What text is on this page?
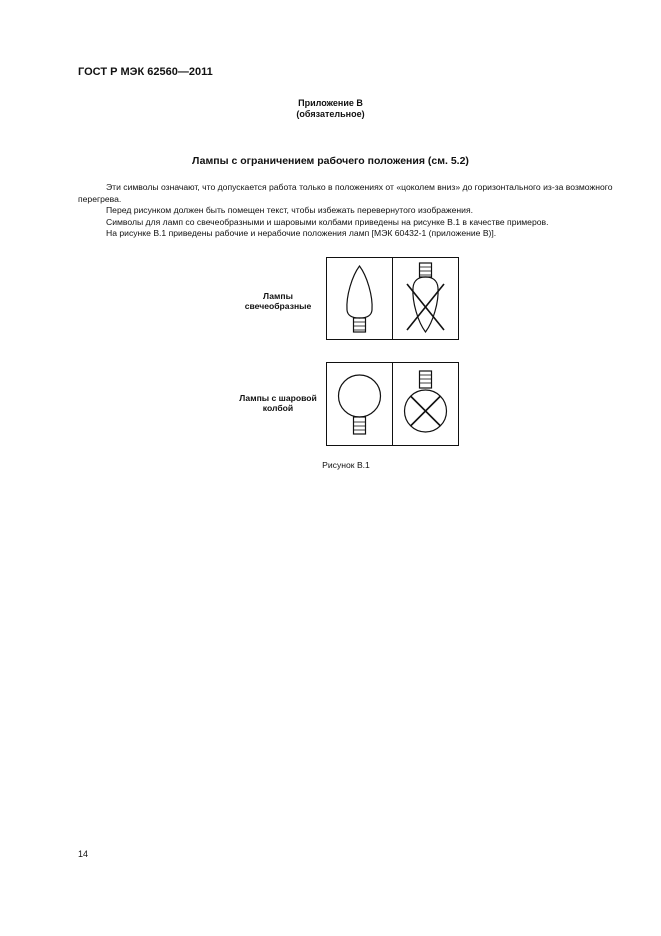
ГОСТ Р МЭК 62560—2011
Приложение В
(обязательное)
Лампы с ограничением рабочего положения (см. 5.2)

Эти символы означают, что допускается работа только в положениях от «цоколем вниз» до горизонтального из-за возможного перегрева.

Перед рисунком должен быть помещен текст, чтобы избежать перевернутого изображения.

Символы для ламп со свечеобразными и шаровыми колбами приведены на рисунке В.1 в качестве примеров.

На рисунке В.1 приведены рабочие и нерабочие положения ламп [МЭК 60432-1 (приложение В)].

Лампы
свечеобразные
Лампы с шаровой
колбой
Рисунок В.1
14
